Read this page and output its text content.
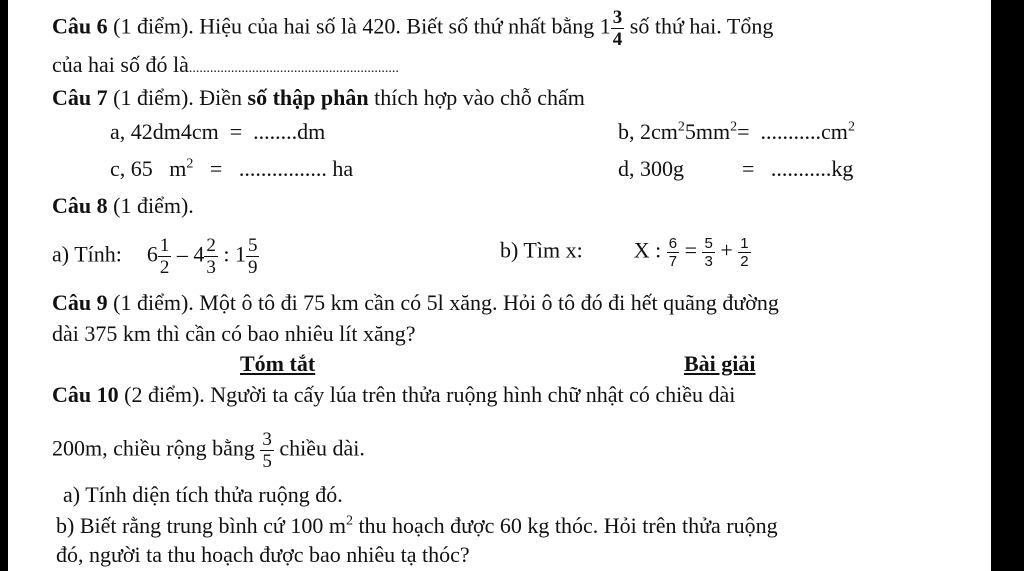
Câu 6 (1 điểm). Hiệu của hai số là 420. Biết số thứ nhất bằng $1 \frac{3}{4}$ số thứ hai. Tổng
của hai số đó là............................................................
Câu 7 (1 điểm). Điền số thập phân thích hợp vào chỗ chấm
a, 42dm4cm  =  ........dm	b, $2cm^25mm^2= ...........cm^2$
c, 65   $m^2$   =   ................ ha	d, 300g	=   ...........kg
Câu 8 (1 điểm).
a) Tính: $6 \frac{1}{2} - 4 \frac{2}{3}$ : $1 \frac{5}{9}$	b) Tìm x: X : $\frac{6}{7} = \frac{5}{3} + \frac{1}{2}$
Câu 9 (1 điểm). Một ô tô đi 75 km cần có 5l xăng. Hỏi ô tô đó đi hết quãng đường
dài 375 km thì cần có bao nhiêu lít xăng?
Tóm tắt	Bài giải
Câu 10 (2 điểm). Người ta cấy lúa trên thửa ruộng hình chữ nhật có chiều dài
200m, chiều rộng bằng $\frac{3}{5}$ chiều dài.
a) Tính diện tích thửa ruộng đó.
b) Biết rằng trung bình cứ 100 $m^2$ thu hoạch được 60 kg thóc. Hỏi trên thửa ruộng
đó, người ta thu hoạch được bao nhiêu tạ thóc?
